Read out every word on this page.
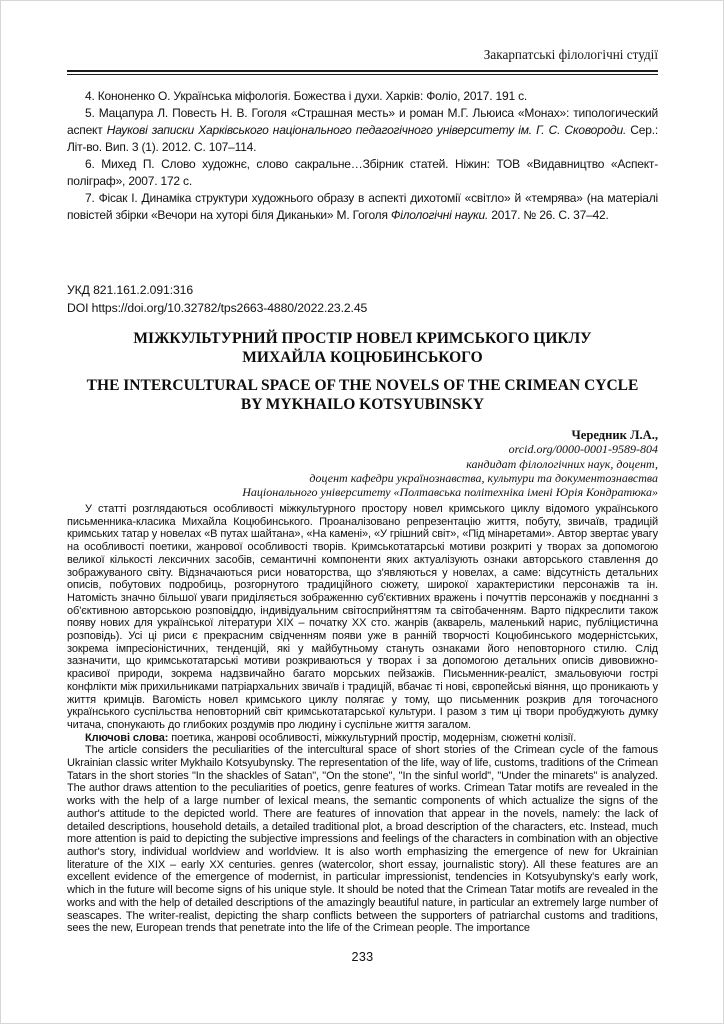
Закарпатські філологічні студії

4. Кононенко О. Українська міфологія. Божества і духи. Харків: Фоліо, 2017. 191 с.

5. Мацапура Л. Повесть Н. В. Гоголя «Страшная месть» и роман М.Г. Льюиса «Монах»: типологический аспект Наукові записки Харківського національного педагогічного університету ім. Г. С. Сковороди. Сер.: Літ-во. Вип. 3 (1). 2012. С. 107–114.

6. Михед П. Слово художнє, слово сакральне…Збірник статей. Ніжин: ТОВ «Видавництво «Аспект-поліграф», 2007. 172 с.

7. Фісак І. Динаміка структури художнього образу в аспекті дихотомії «світло» й «темрява» (на матеріалі повістей збірки «Вечори на хуторі біля Диканьки» М. Гоголя Філологічні науки. 2017. № 26. С. 37–42.

УКД 821.161.2.091:316
DOI https://doi.org/10.32782/tps2663-4880/2022.23.2.45
МІЖКУЛЬТУРНИЙ ПРОСТІР НОВЕЛ КРИМСЬКОГО ЦИКЛУ
МИХАЙЛА КОЦЮБИНСЬКОГО
THE INTERCULTURAL SPACE OF THE NOVELS OF THE CRIMEAN CYCLE
BY MYKHAILO KOTSYUBINSKY
Чередник Л.А.,
orcid.org/0000-0001-9589-804
кандидат філологічних наук, доцент,
доцент кафедри українознавства, культури та документознавства
Національного університету «Полтавська політехніка імені Юрія Кондратюка»

У статті розглядаються особливості міжкультурного простору новел кримського циклу відомого українського письменника-класика Михайла Коцюбинського. Проаналізовано репрезентацію життя, побуту, звичаїв, традицій кримських татар у новелах «В путах шайтана», «На камені», «У грішний світ», «Під мінаретами». Автор звертає увагу на особливості поетики, жанрової особливості творів. Кримськотатарські мотиви розкриті у творах за допомогою великої кількості лексичних засобів, семантичні компоненти яких актуалізують ознаки авторського ставлення до зображуваного світу. Відзначаються риси новаторства, що з'являються у новелах, а саме: відсутність детальних описів, побутових подробиць, розгорнутого традиційного сюжету, широкої характеристики персонажів та ін. Натомість значно більшої уваги приділяється зображенню суб'єктивних вражень і почуттів персонажів у поєднанні з об'єктивною авторською розповіддю, індивідуальним світосприйняттям та світобаченням. Варто підкреслити також появу нових для української літератури XIX – початку XX сто. жанрів (акварель, маленький нарис, публіцистична розповідь). Усі ці риси є прекрасним свідченням появи уже в ранній творчості Коцюбинського модерністських, зокрема імпресіоністичних, тенденцій, які у майбутньому стануть ознаками його неповторного стилю. Слід зазначити, що кримськотатарські мотиви розкриваються у творах і за допомогою детальних описів дивовижно-красивої природи, зокрема надзвичайно багато морських пейзажів. Письменник-реаліст, змальовуючи гострі конфлікти між прихильниками патріархальних звичаїв і традицій, вбачає ті нові, європейські віяння, що проникають у життя кримців. Вагомість новел кримського циклу полягає у тому, що письменник розкрив для тогочасного українського суспільства неповторний світ кримськотатарської культури. І разом з тим ці твори пробуджують думку читача, спонукають до глибоких роздумів про людину і суспільне життя загалом.

Ключові слова: поетика, жанрові особливості, міжкультурний простір, модернізм, сюжетні колізії.

The article considers the peculiarities of the intercultural space of short stories of the Crimean cycle of the famous Ukrainian classic writer Mykhailo Kotsyubynsky. The representation of the life, way of life, customs, traditions of the Crimean Tatars in the short stories "In the shackles of Satan", "On the stone", "In the sinful world", "Under the minarets" is analyzed. The author draws attention to the peculiarities of poetics, genre features of works. Crimean Tatar motifs are revealed in the works with the help of a large number of lexical means, the semantic components of which actualize the signs of the author's attitude to the depicted world. There are features of innovation that appear in the novels, namely: the lack of detailed descriptions, household details, a detailed traditional plot, a broad description of the characters, etc. Instead, much more attention is paid to depicting the subjective impressions and feelings of the characters in combination with an objective author's story, individual worldview and worldview. It is also worth emphasizing the emergence of new for Ukrainian literature of the XIX – early XX centuries. genres (watercolor, short essay, journalistic story). All these features are an excellent evidence of the emergence of modernist, in particular impressionist, tendencies in Kotsyubynsky's early work, which in the future will become signs of his unique style. It should be noted that the Crimean Tatar motifs are revealed in the works and with the help of detailed descriptions of the amazingly beautiful nature, in particular an extremely large number of seascapes. The writer-realist, depicting the sharp conflicts between the supporters of patriarchal customs and traditions, sees the new, European trends that penetrate into the life of the Crimean people. The importance

233
